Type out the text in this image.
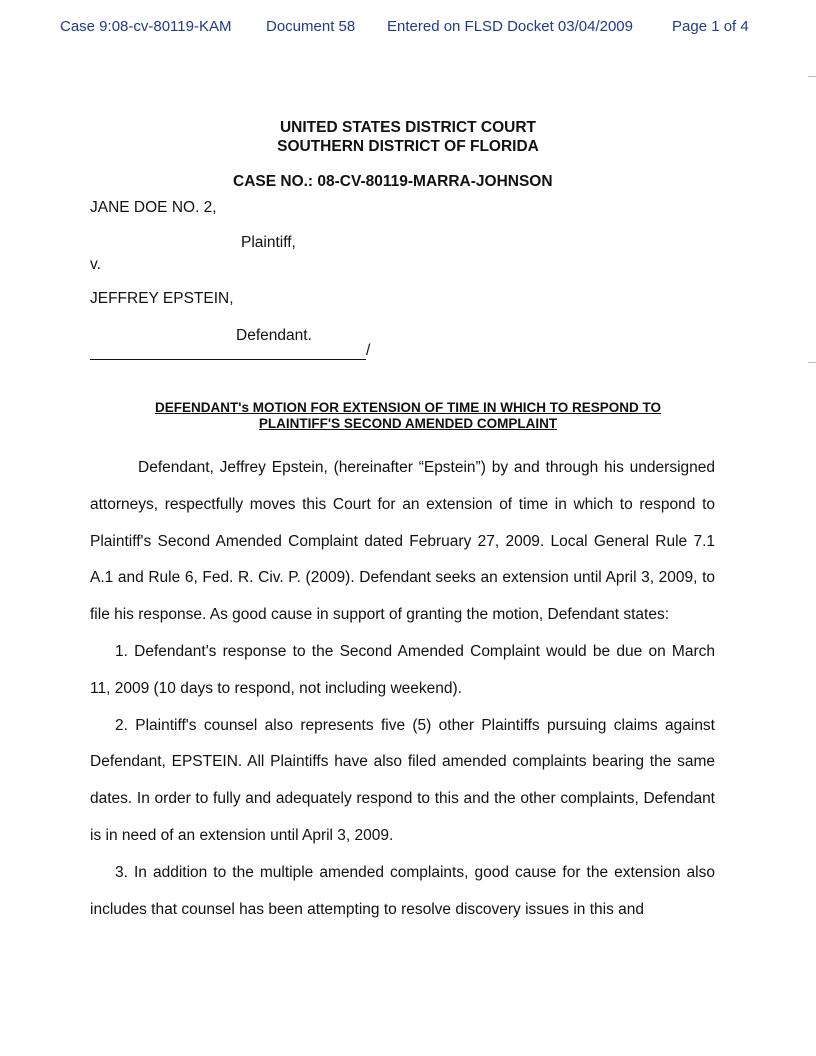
Case 9:08-cv-80119-KAM	Document 58	Entered on FLSD Docket 03/04/2009	Page 1 of 4
UNITED STATES DISTRICT COURT
SOUTHERN DISTRICT OF FLORIDA
CASE NO.: 08-CV-80119-MARRA-JOHNSON
JANE DOE NO. 2,
Plaintiff,
v.
JEFFREY EPSTEIN,
Defendant.
/
DEFENDANT's MOTION FOR EXTENSION OF TIME IN WHICH TO RESPOND TO
PLAINTIFF'S SECOND AMENDED COMPLAINT

Defendant, Jeffrey Epstein, (hereinafter “Epstein”) by and through his undersigned attorneys, respectfully moves this Court for an extension of time in which to respond to Plaintiff's Second Amended Complaint dated February 27, 2009. Local General Rule 7.1 A.1 and Rule 6, Fed. R. Civ. P. (2009). Defendant seeks an extension until April 3, 2009, to file his response. As good cause in support of granting the motion, Defendant states:

1. Defendant's response to the Second Amended Complaint would be due on March 11, 2009 (10 days to respond, not including weekend).

2. Plaintiff's counsel also represents five (5) other Plaintiffs pursuing claims against Defendant, EPSTEIN. All Plaintiffs have also filed amended complaints bearing the same dates. In order to fully and adequately respond to this and the other complaints, Defendant is in need of an extension until April 3, 2009.

3. In addition to the multiple amended complaints, good cause for the extension also includes that counsel has been attempting to resolve discovery issues in this and
